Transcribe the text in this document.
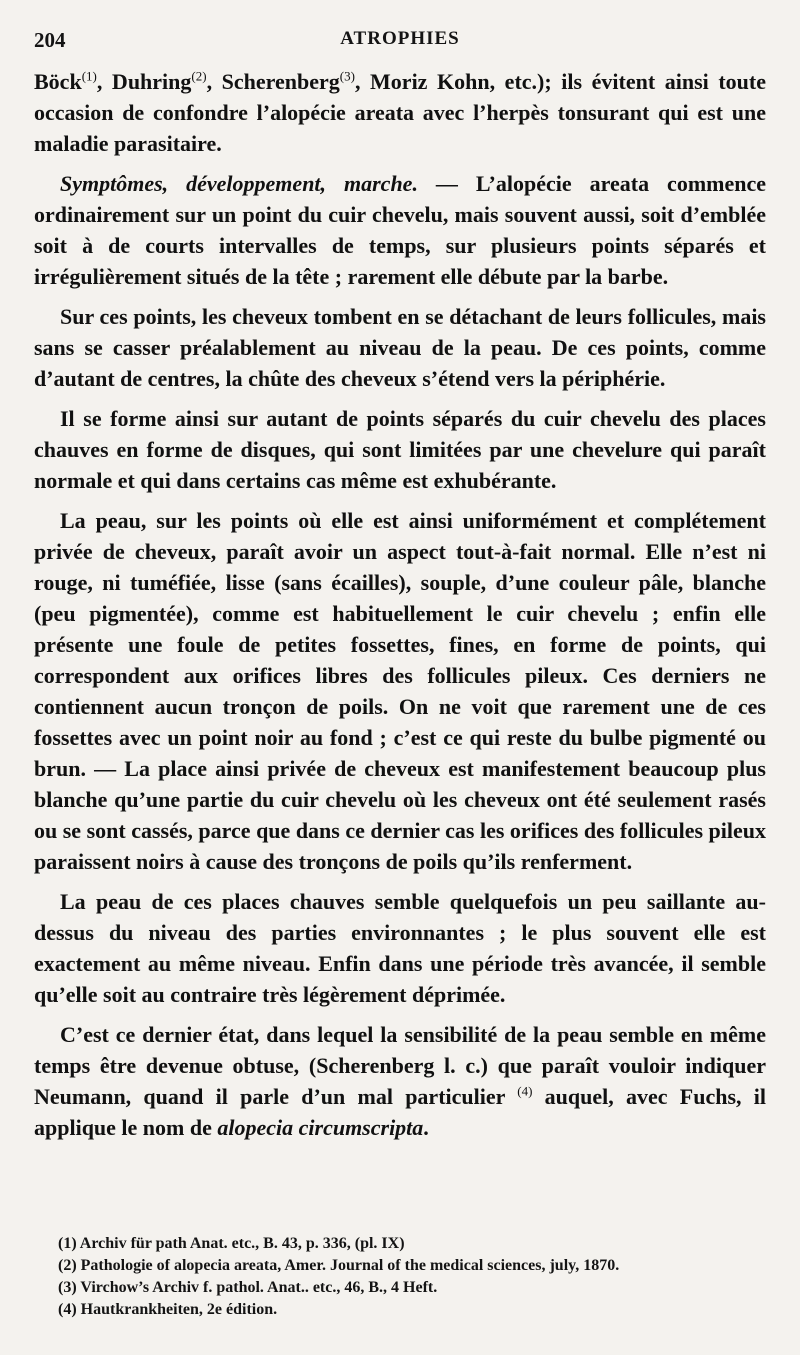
204	ATROPHIES

Böck$^{(1)}$, Duhring$^{(2)}$, Scherenberg$^{(3)}$, Moriz Kohn, etc.); ils évitent ainsi toute occasion de confondre l’alopécie areata avec l’herpès tonsurant qui est une maladie parasitaire.

Symptômes, développement, marche. — L’alopécie areata commence ordinairement sur un point du cuir chevelu, mais souvent aussi, soit d’emblée soit à de courts intervalles de temps, sur plusieurs points séparés et irrégulièrement situés de la tête ; rarement elle débute par la barbe.

Sur ces points, les cheveux tombent en se détachant de leurs follicules, mais sans se casser préalablement au niveau de la peau. De ces points, comme d’autant de centres, la chûte des cheveux s’étend vers la périphérie.

Il se forme ainsi sur autant de points séparés du cuir chevelu des places chauves en forme de disques, qui sont limitées par une chevelure qui paraît normale et qui dans certains cas même est exhubérante.

La peau, sur les points où elle est ainsi uniformément et complétement privée de cheveux, paraît avoir un aspect tout-à-fait normal. Elle n’est ni rouge, ni tuméfiée, lisse (sans écailles), souple, d’une couleur pâle, blanche (peu pigmentée), comme est habituellement le cuir chevelu ; enfin elle présente une foule de petites fossettes, fines, en forme de points, qui correspondent aux orifices libres des follicules pileux. Ces derniers ne contiennent aucun tronçon de poils. On ne voit que rarement une de ces fossettes avec un point noir au fond ; c’est ce qui reste du bulbe pigmenté ou brun. — La place ainsi privée de cheveux est manifestement beaucoup plus blanche qu’une partie du cuir chevelu où les cheveux ont été seulement rasés ou se sont cassés, parce que dans ce dernier cas les orifices des follicules pileux paraissent noirs à cause des tronçons de poils qu’ils renferment.

La peau de ces places chauves semble quelquefois un peu saillante au-dessus du niveau des parties environnantes ; le plus souvent elle est exactement au même niveau. Enfin dans une période très avancée, il semble qu’elle soit au contraire très légèrement déprimée.

C’est ce dernier état, dans lequel la sensibilité de la peau semble en même temps être devenue obtuse, (Scherenberg l. c.) que paraît vouloir indiquer Neumann, quand il parle d’un mal particulier $^{(4)}$ auquel, avec Fuchs, il applique le nom de alopecia circumscripta.

(1) Archiv für path Anat. etc., B. 43, p. 336, (pl. IX)
(2) Pathologie of alopecia areata, Amer. Journal of the medical sciences, july, 1870.
(3) Virchow’s Archiv f. pathol. Anat.. etc., 46, B., 4 Heft.
(4) Hautkrankheiten, 2e édition.
